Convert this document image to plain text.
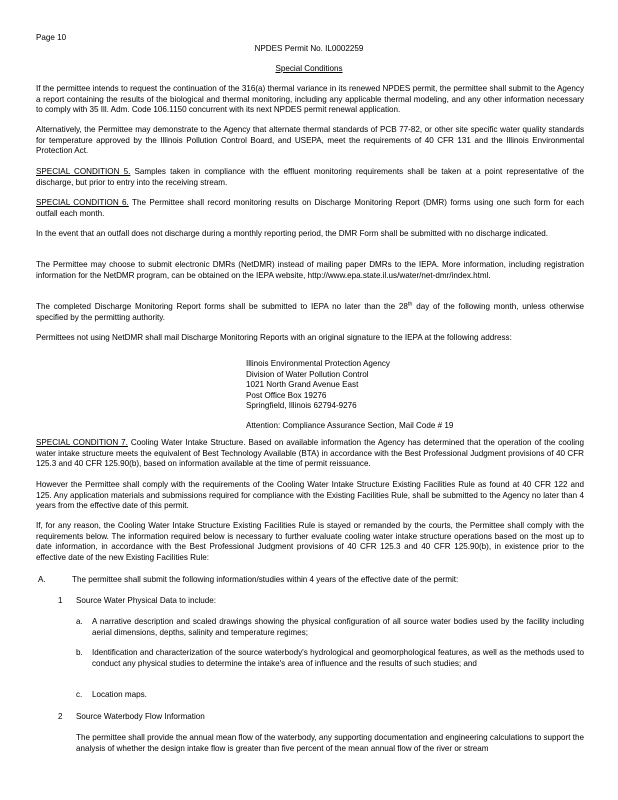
Page 10
NPDES Permit No. IL0002259
Special Conditions
If the permittee intends to request the continuation of the 316(a) thermal variance in its renewed NPDES permit, the permittee shall submit to the Agency a report containing the results of the biological and thermal monitoring, including any applicable thermal modeling, and any other information necessary to comply with 35 Ill. Adm. Code 106.1150 concurrent with its next NPDES permit renewal application.
Alternatively, the Permittee may demonstrate to the Agency that alternate thermal standards of PCB 77-82, or other site specific water quality standards for temperature approved by the Illinois Pollution Control Board, and USEPA, meet the requirements of 40 CFR 131 and the Illinois Environmental Protection Act.
SPECIAL CONDITION 5. Samples taken in compliance with the effluent monitoring requirements shall be taken at a point representative of the discharge, but prior to entry into the receiving stream.
SPECIAL CONDITION 6. The Permittee shall record monitoring results on Discharge Monitoring Report (DMR) forms using one such form for each outfall each month.
In the event that an outfall does not discharge during a monthly reporting period, the DMR Form shall be submitted with no discharge indicated.
The Permittee may choose to submit electronic DMRs (NetDMR) instead of mailing paper DMRs to the IEPA. More information, including registration information for the NetDMR program, can be obtained on the IEPA website, http://www.epa.state.il.us/water/net-dmr/index.html.
The completed Discharge Monitoring Report forms shall be submitted to IEPA no later than the 28th day of the following month, unless otherwise specified by the permitting authority.
Permittees not using NetDMR shall mail Discharge Monitoring Reports with an original signature to the IEPA at the following address:
Illinois Environmental Protection Agency
Division of Water Pollution Control
1021 North Grand Avenue East
Post Office Box 19276
Springfield, Illinois 62794-9276
Attention: Compliance Assurance Section, Mail Code # 19
SPECIAL CONDITION 7. Cooling Water Intake Structure. Based on available information the Agency has determined that the operation of the cooling water intake structure meets the equivalent of Best Technology Available (BTA) in accordance with the Best Professional Judgment provisions of 40 CFR 125.3 and 40 CFR 125.90(b), based on information available at the time of permit reissuance.
However the Permittee shall comply with the requirements of the Cooling Water Intake Structure Existing Facilities Rule as found at 40 CFR 122 and 125. Any application materials and submissions required for compliance with the Existing Facilities Rule, shall be submitted to the Agency no later than 4 years from the effective date of this permit.
If, for any reason, the Cooling Water Intake Structure Existing Facilities Rule is stayed or remanded by the courts, the Permittee shall comply with the requirements below. The information required below is necessary to further evaluate cooling water intake structure operations based on the most up to date information, in accordance with the Best Professional Judgment provisions of 40 CFR 125.3 and 40 CFR 125.90(b), in existence prior to the effective date of the new Existing Facilities Rule:
A.	The permittee shall submit the following information/studies within 4 years of the effective date of the permit:
1 Source Water Physical Data to include:
a. A narrative description and scaled drawings showing the physical configuration of all source water bodies used by the facility including aerial dimensions, depths, salinity and temperature regimes;
b. Identification and characterization of the source waterbody's hydrological and geomorphological features, as well as the methods used to conduct any physical studies to determine the intake's area of influence and the results of such studies; and
c. Location maps.
2 Source Waterbody Flow Information
The permittee shall provide the annual mean flow of the waterbody, any supporting documentation and engineering calculations to support the analysis of whether the design intake flow is greater than five percent of the mean annual flow of the river or stream
